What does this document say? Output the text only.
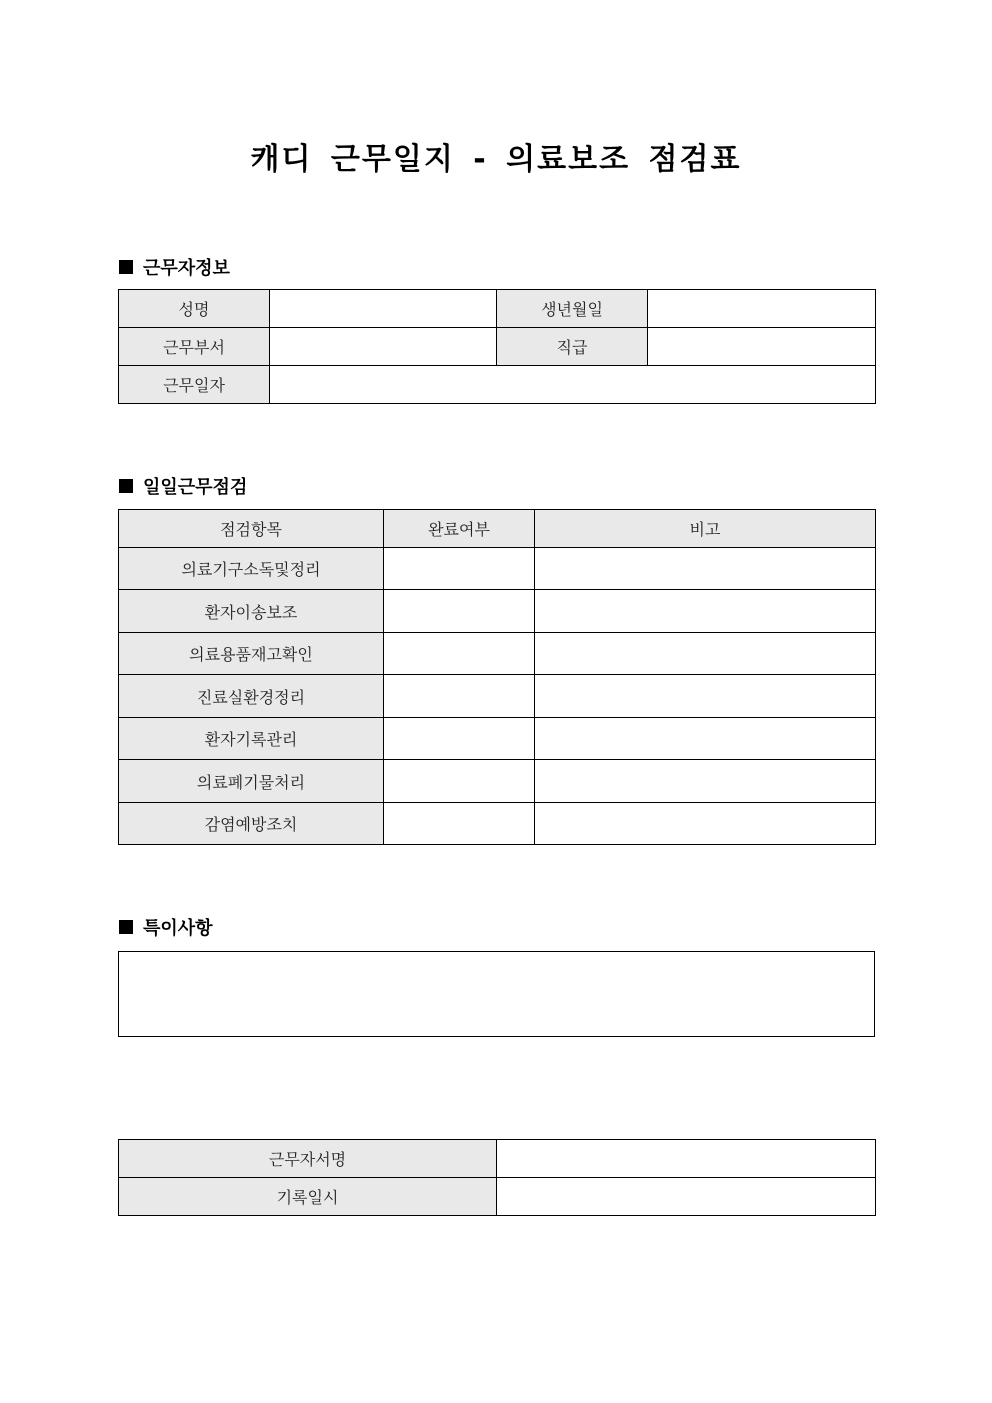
캐디 근무일지 - 의료보조 점검표
근무자정보
성명		생년월일	
근무부서		직급	
근무일자			
일일근무점검
점검항목	완료여부	비고
의료기구소독및정리		
환자이송보조		
의료용품재고확인		
진료실환경정리		
환자기록관리		
의료폐기물처리		
감염예방조치		
특이사항
근무자서명	
기록일시	
